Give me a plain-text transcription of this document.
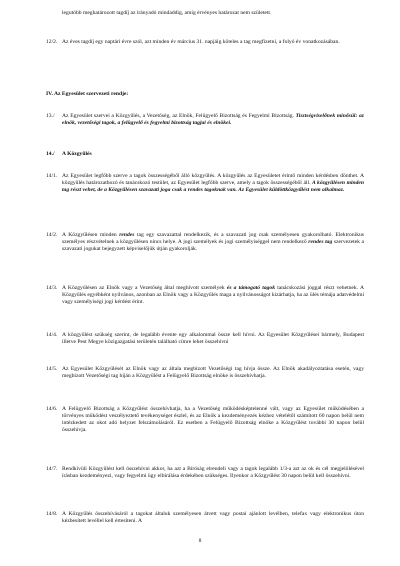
legutóbb meghatározott tagdíj az irányadó mindaddig, amíg érvényes határozat nem született.
12/2. Az éves tagdíj egy naptári évre szól, azt minden év március 31. napjáig köteles a tag megfizetni, a folyó év vonatkozásában.
IV. Az Egyesület szervezeti rendje:
13./	Az Egyesület szervei a Közgyűlés, a Vezetőség, az Elnök, Felügyelő Bizottság és Fegyelmi Bizottság. Tisztségviselőnek minősül: az elnök, vezetőségi tagok, a felügyelő és fegyelmi bizottság tagjai és elnökei.
14./	A Közgyűlés
14/1. Az Egyesület legfőbb szerve a tagok összességéből álló közgyűlés. A közgyűlés az Egyesületet érintő minden kérdésben dönthet. A közgyűlés határozathozó és tanácskozó testület, az Egyesület legfőbb szerve, amely a tagok összességéből áll. A közgyűlésen minden tag részt vehet, de a Közgyűlésen szavazati joga csak a rendes tagoknak van. Az Egyesület küldöttközgyűlést nem alkalmaz.
14/2. A Közgyűlésen minden rendes tag egy szavazattal rendelkezik, és a szavazati jog csak személyesen gyakorolható. Elektronikus személyes részvételnek a közgyűlésen nincs helye. A jogi személyek és jogi személyiséggel nem rendelkező rendes tag szervezetek a szavazati jogukat bejegyzett képviselőjük útján gyakorolják.
14/3. A Közgyűlésen az Elnök vagy a Vezetőség által meghívott személyek és a támogató tagok tanácskozási joggal részt vehetnek. A Közgyűlés egyébként nyilvános, azonban az Elnök vagy a Közgyűlés maga a nyilvánosságot kizárhatja, ha az ülés témája adatvédelmi vagy személyiségi jogi kérdést érint.
14/4. A közgyűlést szükség szerint, de legalább évente egy alkalommal össze kell hívni. Az Egyesület Közgyűlései bármely, Budapest illetve Pest Megye közigazgatási területén található címre lehet összehívni
14/5. Az Egyesület Közgyűlését az Elnök vagy az általa megbízott Vezetőségi tag hívja össze. Az Elnök akadályoztatása esetén, vagy megbízott Vezetőségi tag híján a Közgyűlést a Felügyelő Bizottság elnöke is összehívhatja.
14/6. A Felügyelő Bizottság a Közgyűlést összehívhatja, ha a Vezetőség működésképtelenné vált, vagy az Egyesület működésében a törvényes működést veszélyeztető tevékenységet észlel, és az Elnök a kezdeményezés kézhez vételétől számított 60 napon belül nem intézkedett az okot adó helyzet felszámolásáról. Ez esetben a Felügyelő Bizottság elnöke a Közgyűlést további 30 napon belül összehívja.
14/7. Rendkívüli Közgyűlést kell összehívni akkor, ha azt a Bíróság elrendeli vagy a tagok legalább 1/3-a azt az ok és cél megjelölésével írásban kezdeményezi, vagy fegyelmi ügy elbírálása érdekében szükséges. Ilyenkor a Közgyűlést 30 napon belül kell összehívni.
14/8. A Közgyűlés összehívásáról a tagokat általuk személyesen átvett vagy postai ajánlott levélben, telefax vagy elektronikus úton kézbesített levéllel kell értesíteni. A
8
